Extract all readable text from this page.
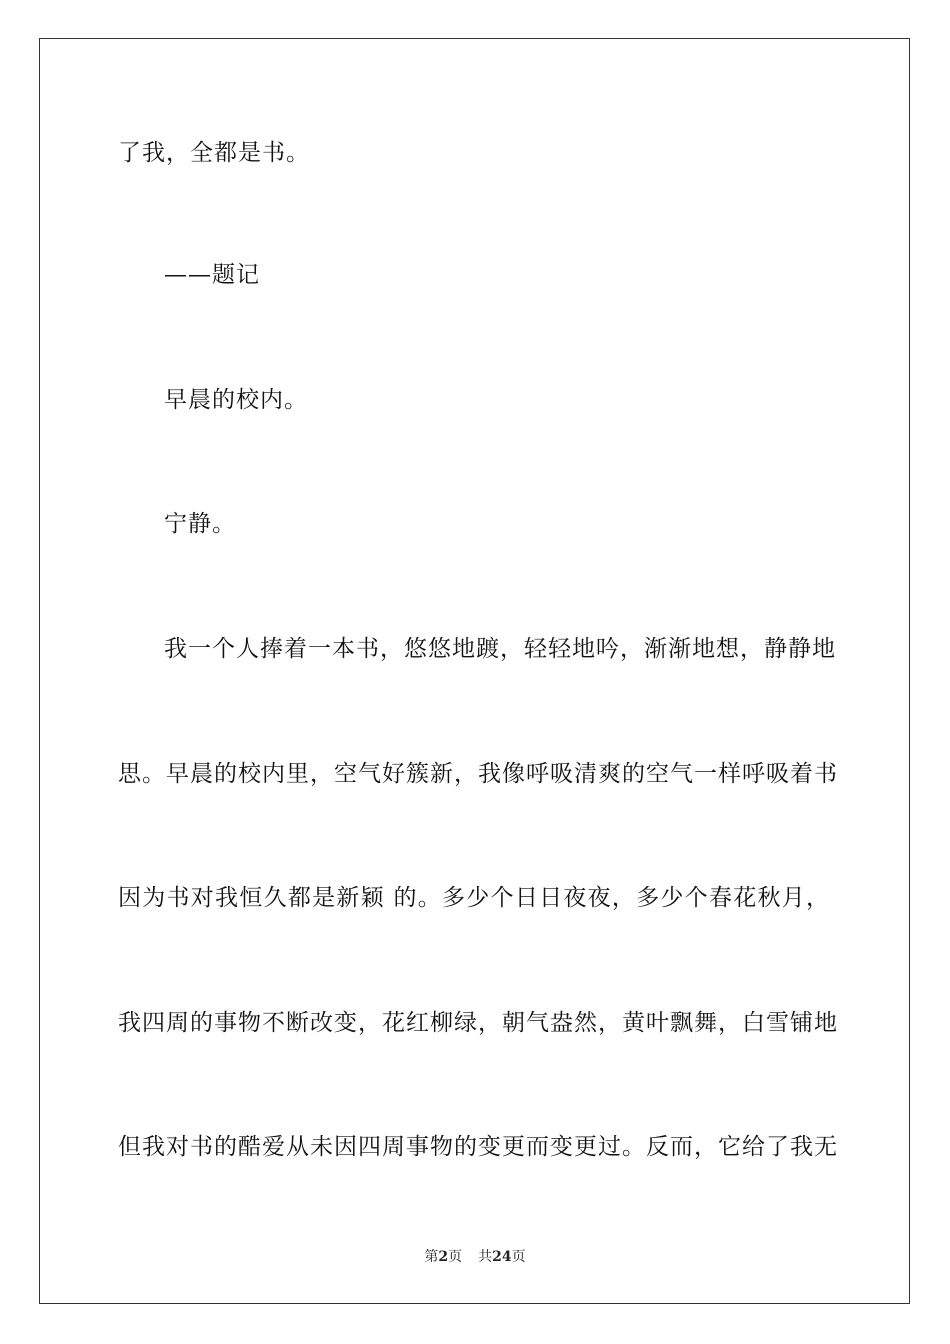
了我，全都是书。
——题记
早晨的校内。
宁静。
我一个人捧着一本书，悠悠地踱，轻轻地吟，渐渐地想，静静地
思。早晨的校内里，空气好簇新，我像呼吸清爽的空气一样呼吸着书
因为书对我恒久都是新颖 的。多少个日日夜夜，多少个春花秋月，
我四周的事物不断改变，花红柳绿，朝气盎然，黄叶飘舞，白雪铺地
但我对书的酷爱从未因四周事物的变更而变更过。反而，它给了我无
第2页 共24页
